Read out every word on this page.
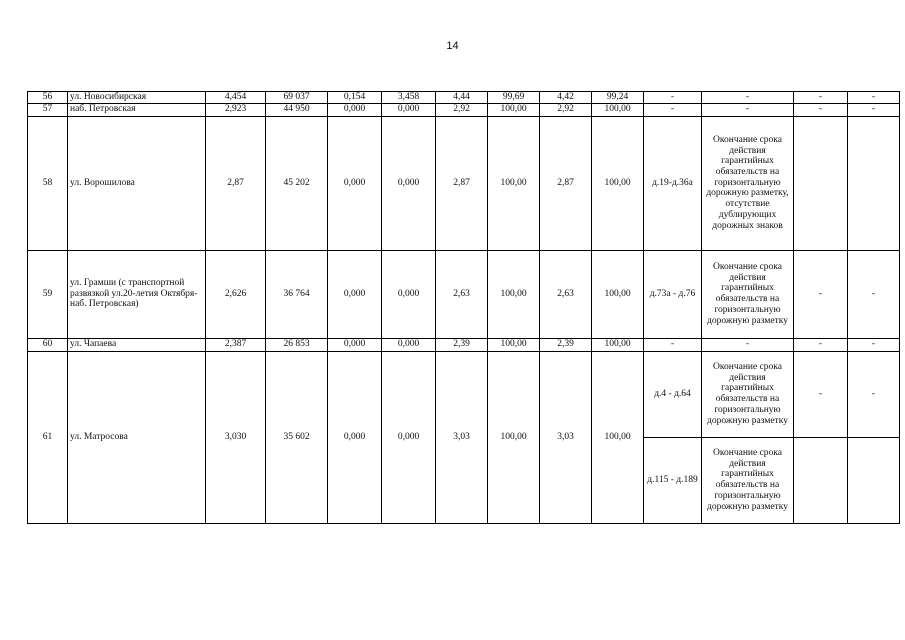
14
56	ул. Новосибирская	4,454	69 037	0,154	3,458	4,44	99,69	4,42	99,24	-	-	-	-
57	наб. Петровская	2,923	44 950	0,000	0,000	2,92	100,00	2,92	100,00	-	-	-	-
58	ул. Ворошилова	2,87	45 202	0,000	0,000	2,87	100,00	2,87	100,00	д.19-д.36а	Окончание срока действия гарантийных обязательств на горизонтальную дорожную разметку, отсутствие дублирующих дорожных знаков		
59	ул. Грамши (с транспортной развязкой ул.20-летия Октября-наб. Петровская)	2,626	36 764	0,000	0,000	2,63	100,00	2,63	100,00	д.73а - д.76	Окончание срока действия гарантийных обязательств на горизонтальную дорожную разметку	-	-
60	ул. Чапаева	2,387	26 853	0,000	0,000	2,39	100,00	2,39	100,00	-	-	-	-
61	ул. Матросова	3,030	35 602	0,000	0,000	3,03	100,00	3,03	100,00	д.4 - д.64	Окончание срока действия гарантийных обязательств на горизонтальную дорожную разметку	-	-
										д.115 - д.189	Окончание срока действия гарантийных обязательств на горизонтальную дорожную разметку		
